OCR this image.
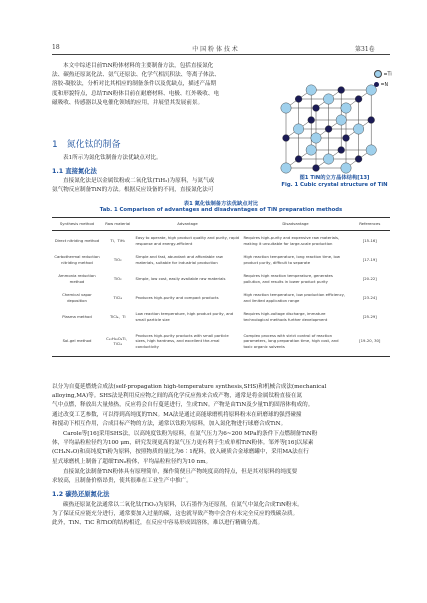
18	中 国 粉 体 技 术	第31卷
本文中综述目前TiN粉体材料的主要制备方法，包括直接氮化
法、碳热还原氮化法、氨气还原法、化学气相沉积法、等离子体法、
溶胶-凝胶法，分析对比其相应的制备条件以及优缺点，描述产品期
度和形貌特点，总结TiN粉体目前在耐磨材料、电极、红外吸收、电
磁吸收、传感器以及电催化领域的应用，并展望其发展前景。
1 氮化钛的制备
表1所示为氮化钛制备方法优缺点对比。
1.1 直接氮化法
直接氮化法是以金属钛粉或二氧化钛(TiH₂)为原料，与氮气或
氨气物反应制备TiN的方法。根据反应设备的不同，直接氮化法可
=Ti
=N
图1 TiN的立方晶体结构[13]
Fig. 1 Cubic crystal structure of TiN
表1 氮化钛制备方法优缺点对比
Tab. 1 Comparison of advantages and disadvantages of TiN preparation methods
Synthesis method	Raw material	Advantage	Disadvantage	References
Direct nitriding method	Ti、TiH₂	Easy to operate, high product quality and purity, rapid response and energy-efficient	Requires high-purity and expensive raw materials, making it unsuitable for large-scale production	[15-16]
Carbothermal reduction nitriding method	TiO₂	Simple and fast, abundant and affordable raw materials, suitable for industrial production	High reaction temperature, long reaction time, low product purity, difficult to separate	[17-19]
Ammonia reduction method	TiO₂	Simple, low cost, easily available raw materials	Requires high reaction temperature, generates pollution, and results in lower product purity	[20-22]
Chemical vapor deposition	TiCl₄	Produces high-purity and compact products	High reaction temperature, low production efficiency, and limited application range	[23-24]
Plasma method	TiCl₄、Ti	Low reaction temperature, high product purity, and small particle size	Requires high-voltage discharge, immature technological methods further development	[25-29]
Sol-gel method	C₁₂H₂₈O₄Ti、TiCl₄	Produces high-purity products with small particle sizes, high hardness, and excellent the-rmal conductivity	Complex process with strict control of reaction parameters, long preparation time, high cost, and toxic organic solvents	[19-20, 30]
以分为自蔓延燃烧合成法(self-propagation high-temperature synthesis,SHS)和机械合成法(mechanical
alloying,MA)等。SHS法是利用反应物之间的高化学反应热来合成产物，通常是将金属钛粉直接在氮
气中点燃，释放出大量热热，反应将会自行蔓延进行，生成TiN。产物是由TiN及少量Ti的固溶体构成的。
通过改变工艺参数，可以得到高纯度的TiN。MA法是通过高能球磨机将原料粉末在研磨球的强烈碰撞
和搅动下相互作用，合成目标产物的方法，通常以钛粉为原料，加入氮化物进行球磨合成TiN。
Carole等[16]采用SHS法，以高纯度钛粉为原料，在氮气压力为6~200 MPa的条件下点燃制备TiN粉
体，平均晶粒粒径约为100 μm，研究发现更高的氮气压力更有利于生成单相TiN粉体。邹斧等[16]以尿素
(CH₄N₂O)和高纯度Ti粉为原料，按照物质的量比为6∶1配料，放入硬质合金球磨罐中，采用MA法在行
星式球磨机上制备了超细TiN₀粉体，平均晶粒粒径约为10 nm。
直接氮化法制备TiN粉体具有原理简单，操作简便且产物纯度高的特点，但是其对原料的纯度要
求较高，且制备价格昂贵，使其很难在工业生产中推广。
1.2 碳热还原氮化法
碳热还原氮化法通常以二氧化钛(TiO₂)为原料，以石墨作为还原剂，在氮气中氮化合成TiN粉末。
为了保证反应能充分进行，通常要加入过量的碳，这也就导致产物中会含有未完全反应的残碳杂质。
此外，TiN、TiC 和TiO的结构相近，在反应中容易形成固溶体，难以进行精确分离。
